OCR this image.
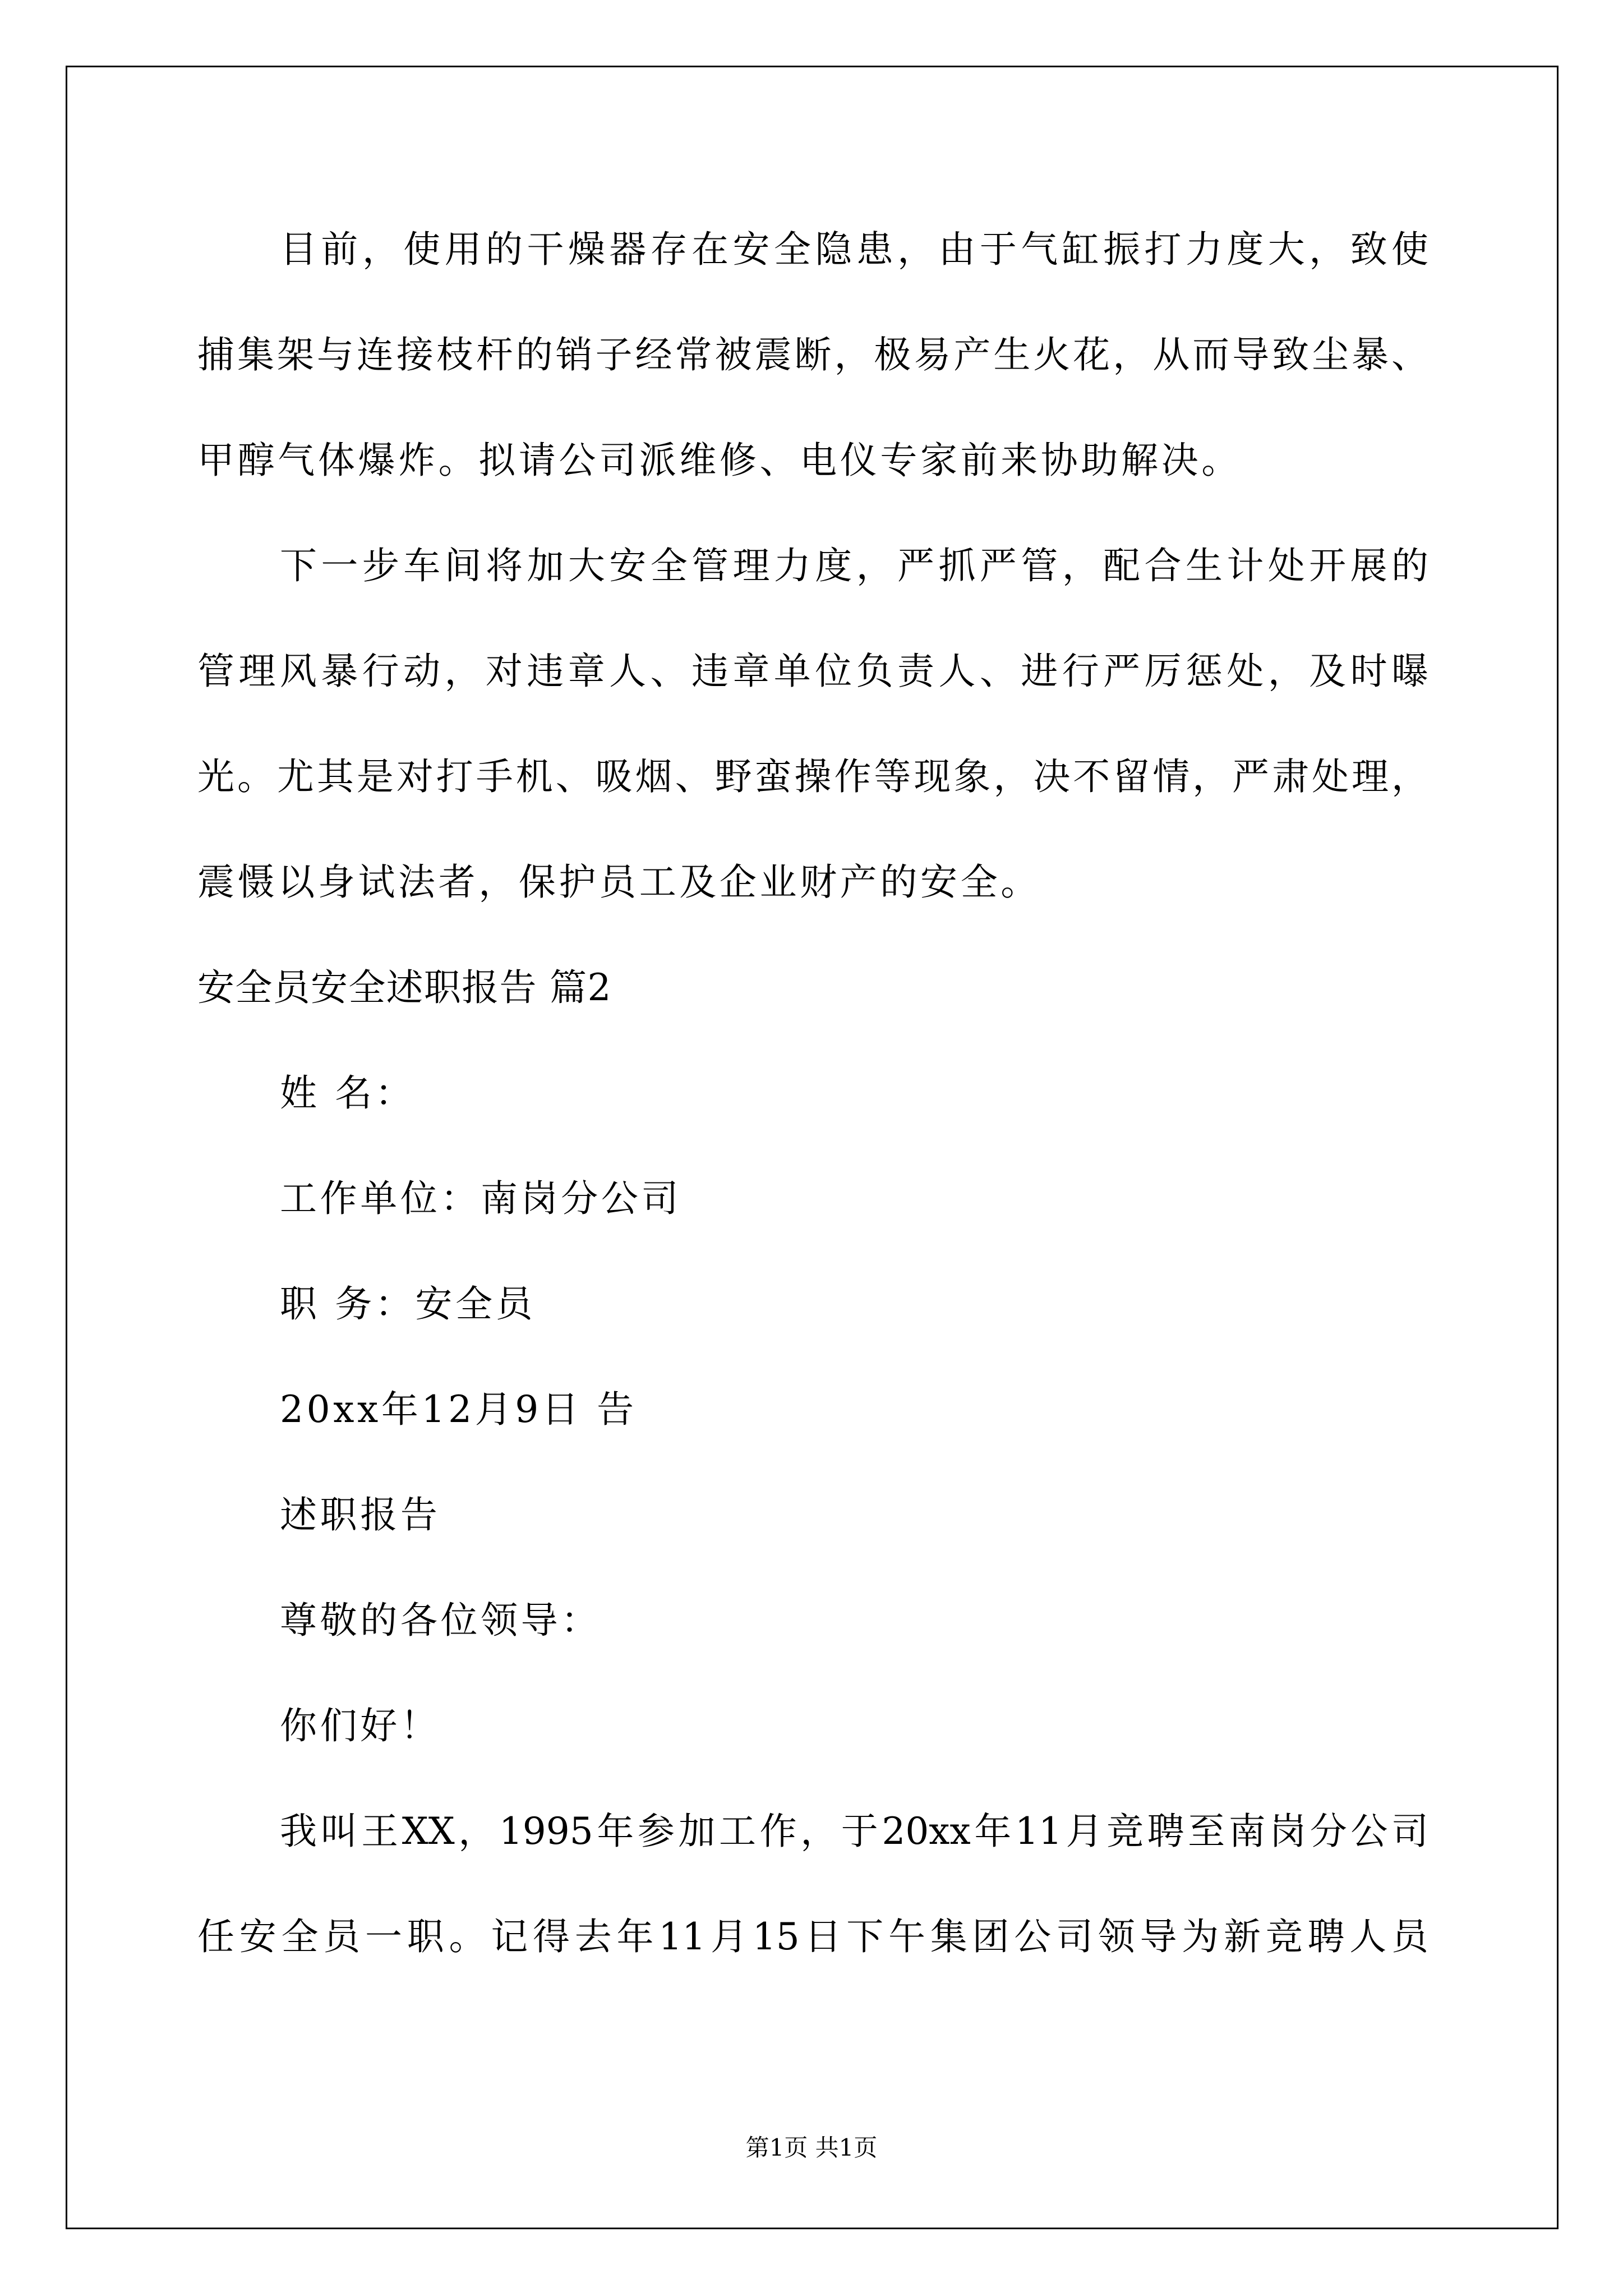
目前，使用的干燥器存在安全隐患，由于气缸振打力度大，致使
捕集架与连接枝杆的销子经常被震断，极易产生火花，从而导致尘暴、
甲醇气体爆炸。拟请公司派维修、电仪专家前来协助解决。
下一步车间将加大安全管理力度，严抓严管，配合生计处开展的
管理风暴行动，对违章人、违章单位负责人、进行严厉惩处，及时曝
光。尤其是对打手机、吸烟、野蛮操作等现象，决不留情，严肃处理，
震慑以身试法者，保护员工及企业财产的安全。
安全员安全述职报告 篇2
姓 名：
工作单位：南岗分公司
职 务：安全员
20xx年12月9日 告
述职报告
尊敬的各位领导：
你们好！
我叫王XX，1995年参加工作，于20xx年11月竞聘至南岗分公司
任安全员一职。记得去年11月15日下午集团公司领导为新竞聘人员
第1页 共1页
